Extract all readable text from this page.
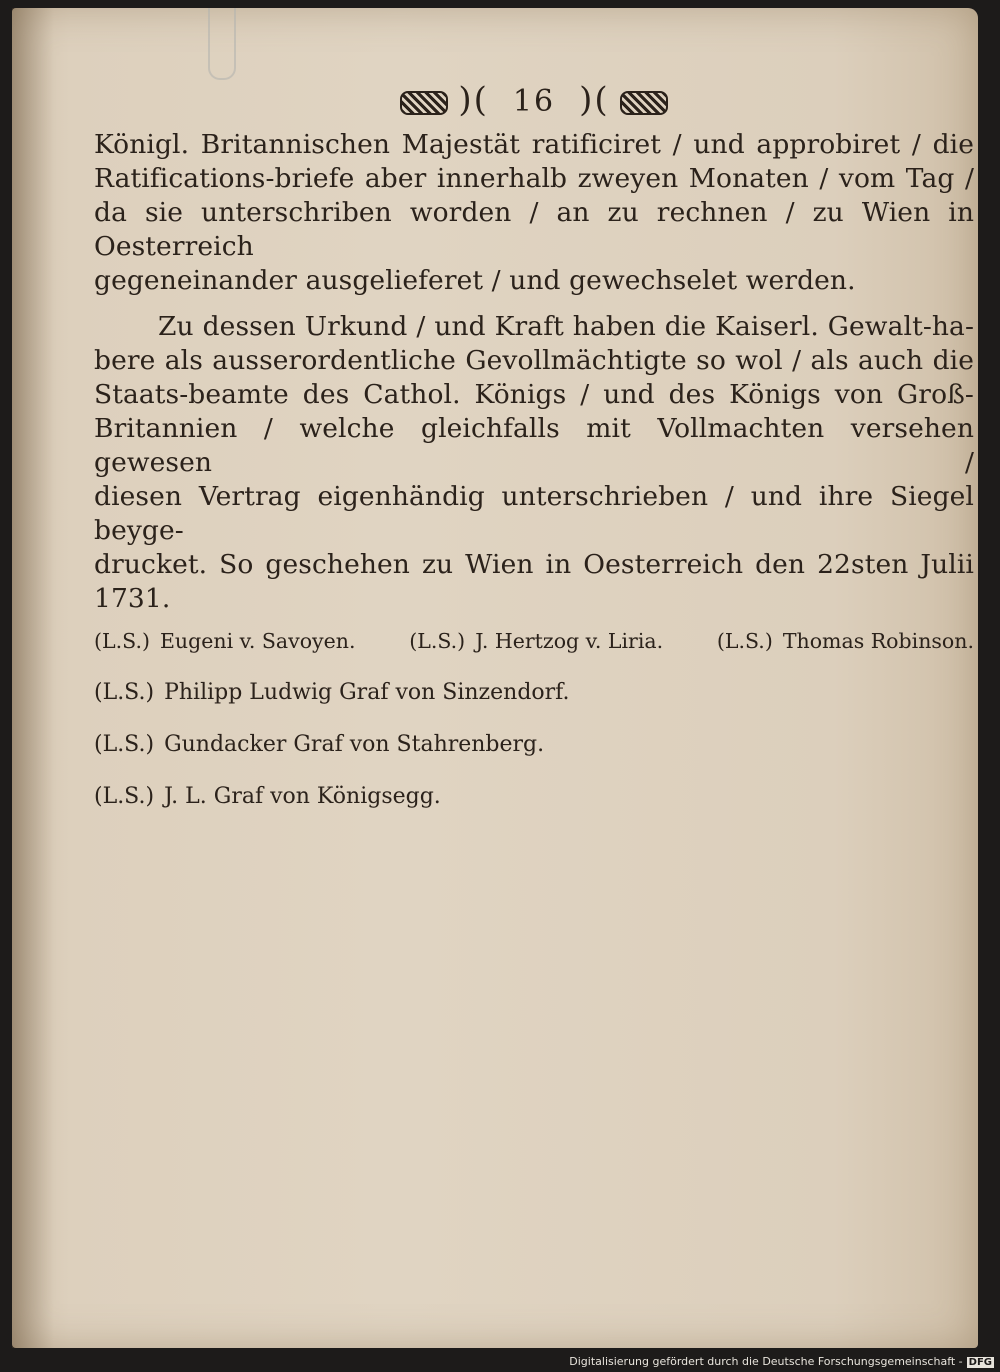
)( 16 )(

Königl. Britannischen Majestät ratificiret / und approbiret / die
Ratifications-briefe aber innerhalb zweyen Monaten / vom Tag /
da sie unterschriben worden / an zu rechnen / zu Wien in Oesterreich
gegeneinander ausgelieferet / und gewechselet werden.

Zu dessen Urkund / und Kraft haben die Kaiserl. Gewalt-ha-
bere als ausserordentliche Gevollmächtigte so wol / als auch die
Staats-beamte des Cathol. Königs / und des Königs von Groß-
Britannien / welche gleichfalls mit Vollmachten versehen gewesen /
diesen Vertrag eigenhändig unterschrieben / und ihre Siegel beyge-
drucket. So geschehen zu Wien in Oesterreich den 22sten Julii 1731.

(L.S.) Eugeni v. Savoyen.	(L.S.) J. Hertzog v. Liria.	(L.S.) Thomas Robinson.
(L.S.) Philipp Ludwig Graf von Sinzendorf.
(L.S.) Gundacker Graf von Stahrenberg.
(L.S.) J. L. Graf von Königsegg.
Digitalisierung gefördert durch die Deutsche Forschungsgemeinschaft - DFG
